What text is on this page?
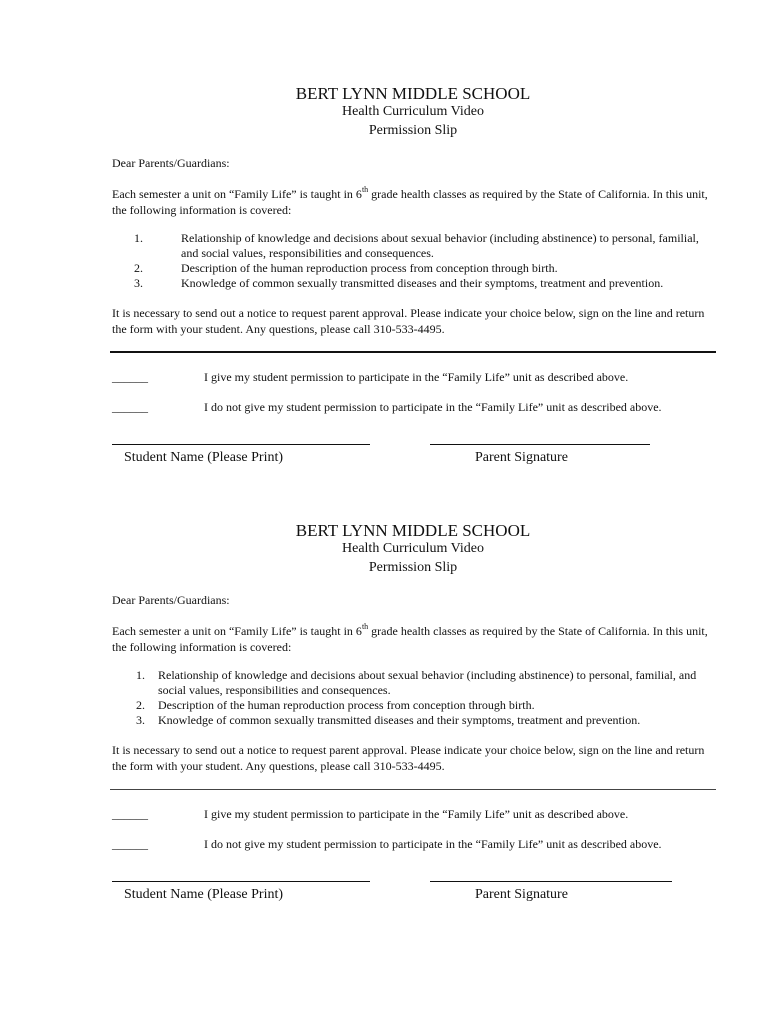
BERT LYNN MIDDLE SCHOOL
Health Curriculum Video
Permission Slip
Dear Parents/Guardians:
Each semester a unit on “Family Life” is taught in 6th grade health classes as required by the State of California. In this unit, the following information is covered:
1.	Relationship of knowledge and decisions about sexual behavior (including abstinence) to personal, familial, and social values, responsibilities and consequences.
2.	Description of the human reproduction process from conception through birth.
3.	Knowledge of common sexually transmitted diseases and their symptoms, treatment and prevention.
It is necessary to send out a notice to request parent approval. Please indicate your choice below, sign on the line and return the form with your student. Any questions, please call 310-533-4495.
______	I give my student permission to participate in the “Family Life” unit as described above.
______	I do not give my student permission to participate in the “Family Life” unit as described above.
Student Name (Please Print)	Parent Signature
BERT LYNN MIDDLE SCHOOL
Health Curriculum Video
Permission Slip
Dear Parents/Guardians:
Each semester a unit on “Family Life” is taught in 6th grade health classes as required by the State of California. In this unit, the following information is covered:
1. Relationship of knowledge and decisions about sexual behavior (including abstinence) to personal, familial, and social values, responsibilities and consequences.
2. Description of the human reproduction process from conception through birth.
3. Knowledge of common sexually transmitted diseases and their symptoms, treatment and prevention.
It is necessary to send out a notice to request parent approval. Please indicate your choice below, sign on the line and return the form with your student. Any questions, please call 310-533-4495.
______	I give my student permission to participate in the “Family Life” unit as described above.
______	I do not give my student permission to participate in the “Family Life” unit as described above.
Student Name (Please Print)	Parent Signature
